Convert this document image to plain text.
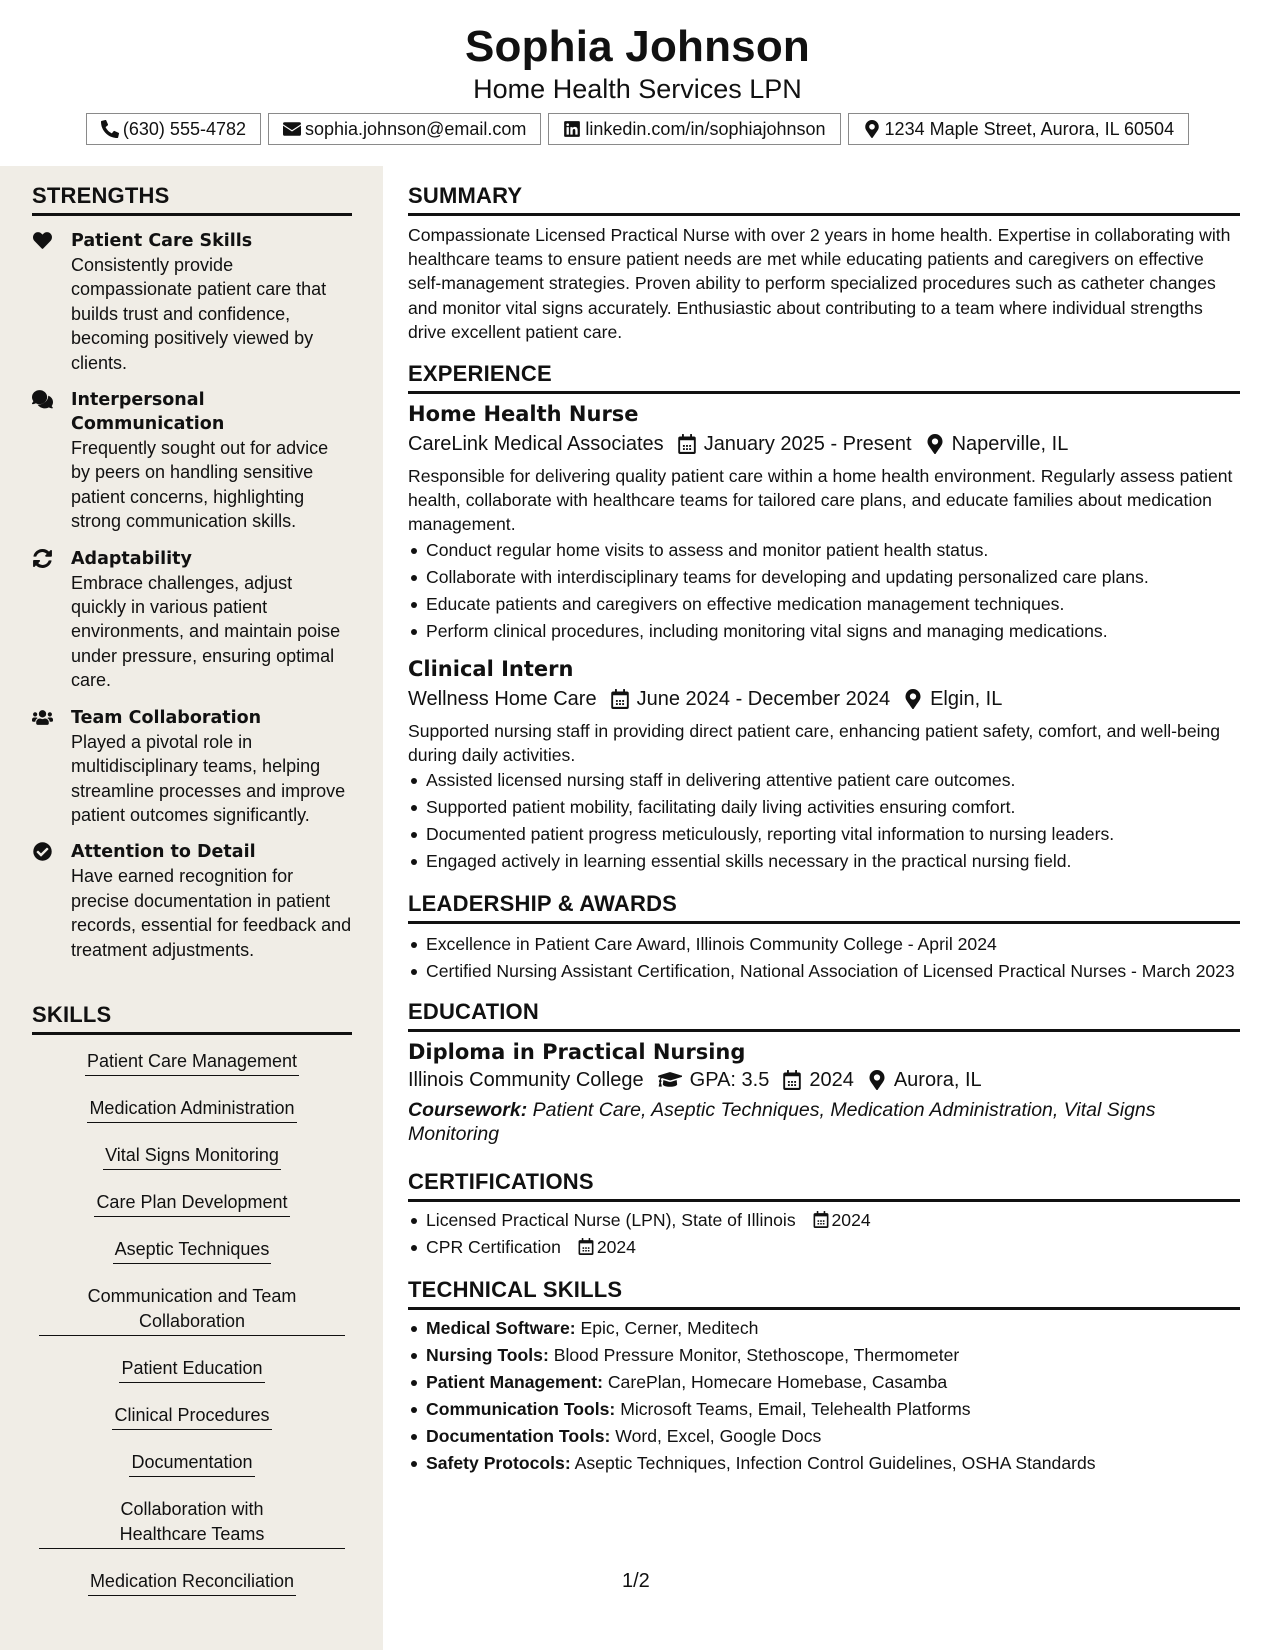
Sophia Johnson
Home Health Services LPN
(630) 555-4782	sophia.johnson@email.com	linkedin.com/in/sophiajohnson	1234 Maple Street, Aurora, IL 60504
STRENGTHS
Patient Care Skills
Consistently provide compassionate patient care that builds trust and confidence, becoming positively viewed by clients.
Interpersonal Communication
Frequently sought out for advice by peers on handling sensitive patient concerns, highlighting strong communication skills.
Adaptability
Embrace challenges, adjust quickly in various patient environments, and maintain poise under pressure, ensuring optimal care.
Team Collaboration
Played a pivotal role in multidisciplinary teams, helping streamline processes and improve patient outcomes significantly.
Attention to Detail
Have earned recognition for precise documentation in patient records, essential for feedback and treatment adjustments.
SKILLS
Patient Care Management
Medication Administration
Vital Signs Monitoring
Care Plan Development
Aseptic Techniques
Communication and Team Collaboration
Patient Education
Clinical Procedures
Documentation
Collaboration with Healthcare Teams
Medication Reconciliation
SUMMARY
Compassionate Licensed Practical Nurse with over 2 years in home health. Expertise in collaborating with healthcare teams to ensure patient needs are met while educating patients and caregivers on effective self-management strategies. Proven ability to perform specialized procedures such as catheter changes and monitor vital signs accurately. Enthusiastic about contributing to a team where individual strengths drive excellent patient care.
EXPERIENCE
Home Health Nurse
CareLink Medical Associates January 2025 - Present Naperville, IL
Responsible for delivering quality patient care within a home health environment. Regularly assess patient health, collaborate with healthcare teams for tailored care plans, and educate families about medication management.
Conduct regular home visits to assess and monitor patient health status.
Collaborate with interdisciplinary teams for developing and updating personalized care plans.
Educate patients and caregivers on effective medication management techniques.
Perform clinical procedures, including monitoring vital signs and managing medications.
Clinical Intern
Wellness Home Care June 2024 - December 2024 Elgin, IL
Supported nursing staff in providing direct patient care, enhancing patient safety, comfort, and well-being during daily activities.
Assisted licensed nursing staff in delivering attentive patient care outcomes.
Supported patient mobility, facilitating daily living activities ensuring comfort.
Documented patient progress meticulously, reporting vital information to nursing leaders.
Engaged actively in learning essential skills necessary in the practical nursing field.
LEADERSHIP & AWARDS
Excellence in Patient Care Award, Illinois Community College - April 2024
Certified Nursing Assistant Certification, National Association of Licensed Practical Nurses - March 2023
EDUCATION
Diploma in Practical Nursing
Illinois Community College GPA: 3.5 2024 Aurora, IL
Coursework: Patient Care, Aseptic Techniques, Medication Administration, Vital Signs Monitoring
CERTIFICATIONS
Licensed Practical Nurse (LPN), State of Illinois 2024
CPR Certification 2024
TECHNICAL SKILLS
Medical Software: Epic, Cerner, Meditech
Nursing Tools: Blood Pressure Monitor, Stethoscope, Thermometer
Patient Management: CarePlan, Homecare Homebase, Casamba
Communication Tools: Microsoft Teams, Email, Telehealth Platforms
Documentation Tools: Word, Excel, Google Docs
Safety Protocols: Aseptic Techniques, Infection Control Guidelines, OSHA Standards
1/2
